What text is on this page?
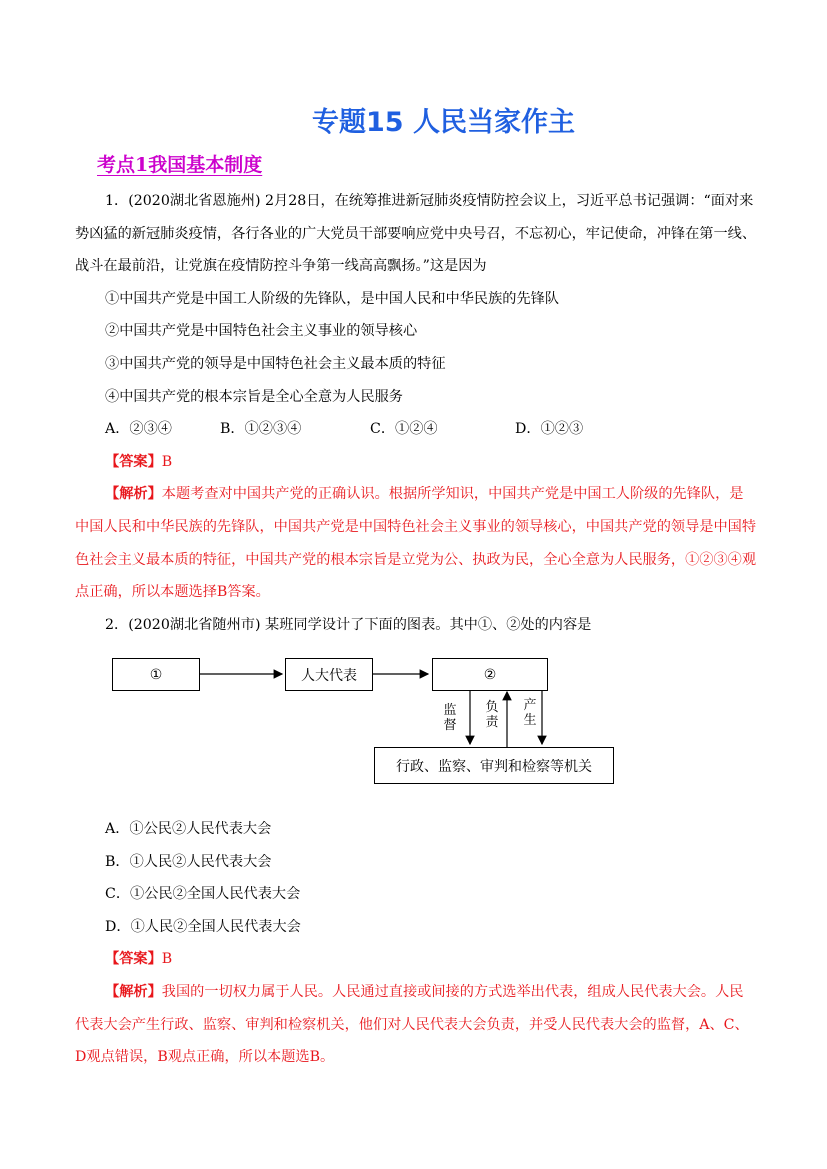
专题15 人民当家作主
考点1我国基本制度

1．(2020湖北省恩施州) 2月28日，在统筹推进新冠肺炎疫情防控会议上，习近平总书记强调：“面对来势凶猛的新冠肺炎疫情，各行各业的广大党员干部要响应党中央号召，不忘初心，牢记使命，冲锋在第一线、战斗在最前沿，让党旗在疫情防控斗争第一线高高飘扬。”这是因为

①中国共产党是中国工人阶级的先锋队，是中国人民和中华民族的先锋队

②中国共产党是中国特色社会主义事业的领导核心

③中国共产党的领导是中国特色社会主义最本质的特征

④中国共产党的根本宗旨是全心全意为人民服务

A．②③④	B．①②③④	C．①②④	D．①②③

【答案】B

【解析】本题考查对中国共产党的正确认识。根据所学知识，中国共产党是中国工人阶级的先锋队，是中国人民和中华民族的先锋队，中国共产党是中国特色社会主义事业的领导核心，中国共产党的领导是中国特色社会主义最本质的特征，中国共产党的根本宗旨是立党为公、执政为民，全心全意为人民服务，①②③④观点正确，所以本题选择B答案。

2．(2020湖北省随州市) 某班同学设计了下面的图表。其中①、②处的内容是

①	人大代表	②
行政、监察、审判和检察等机关
监督
负责
产生

A．①公民②人民代表大会

B．①人民②人民代表大会

C．①公民②全国人民代表大会

D．①人民②全国人民代表大会

【答案】B

【解析】我国的一切权力属于人民。人民通过直接或间接的方式选举出代表，组成人民代表大会。人民代表大会产生行政、监察、审判和检察机关，他们对人民代表大会负责，并受人民代表大会的监督，A、C、D观点错误，B观点正确，所以本题选B。
